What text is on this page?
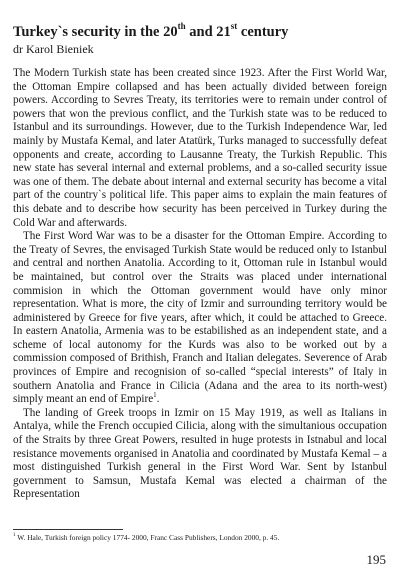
Turkey`s security in the 20th and 21st century

dr Karol Bieniek

The Modern Turkish state has been created since 1923. After the First World War, the Ottoman Empire collapsed and has been actually divided between foreign powers. According to Sevres Treaty, its territories were to remain under control of powers that won the previous conflict, and the Turkish state was to be reduced to Istanbul and its surroundings. However, due to the Turkish Independence War, led mainly by Mustafa Kemal, and later Atatürk, Turks managed to successfully defeat opponents and create, according to Lausanne Treaty, the Turkish Republic. This new state has several internal and external problems, and a so-called security issue was one of them. The debate about internal and external security has become a vital part of the country`s political life. This paper aims to explain the main features of this debate and to describe how security has been perceived in Turkey during the Cold War and afterwards.

The First Word War was to be a disaster for the Ottoman Empire. According to the Treaty of Sevres, the envisaged Turkish State would be reduced only to Istanbul and central and northen Anatolia. According to it, Ottoman rule in Istanbul would be maintained, but control over the Straits was placed under international commision in which the Ottoman government would have only minor representation. What is more, the city of Izmir and surrounding territory would be administered by Greece for five years, after which, it could be attached to Greece. In eastern Anatolia, Armenia was to be estabilished as an independent state, and a scheme of local autonomy for the Kurds was also to be worked out by a commission composed of Brithish, Franch and Italian delegates. Severence of Arab provinces of Empire and recognision of so-called “special interests” of Italy in southern Anatolia and France in Cilicia (Adana and the area to its north-west) simply meant an end of Empire$^1$.

The landing of Greek troops in Izmir on 15 May 1919, as well as Italians in Antalya, while the French occupied Cilicia, along with the simultanious occupation of the Straits by three Great Powers, resulted in huge protests in Istnabul and local resistance movements organised in Anatolia and coordinated by Mustafa Kemal – a most distinguished Turkish general in the First Word War. Sent by Istanbul government to Samsun, Mustafa Kemal was elected a chairman of the Representation

$^1$ W. Hale, Turkish foreign policy 1774- 2000, Franc Cass Publishers, London 2000, p. 45.

195
